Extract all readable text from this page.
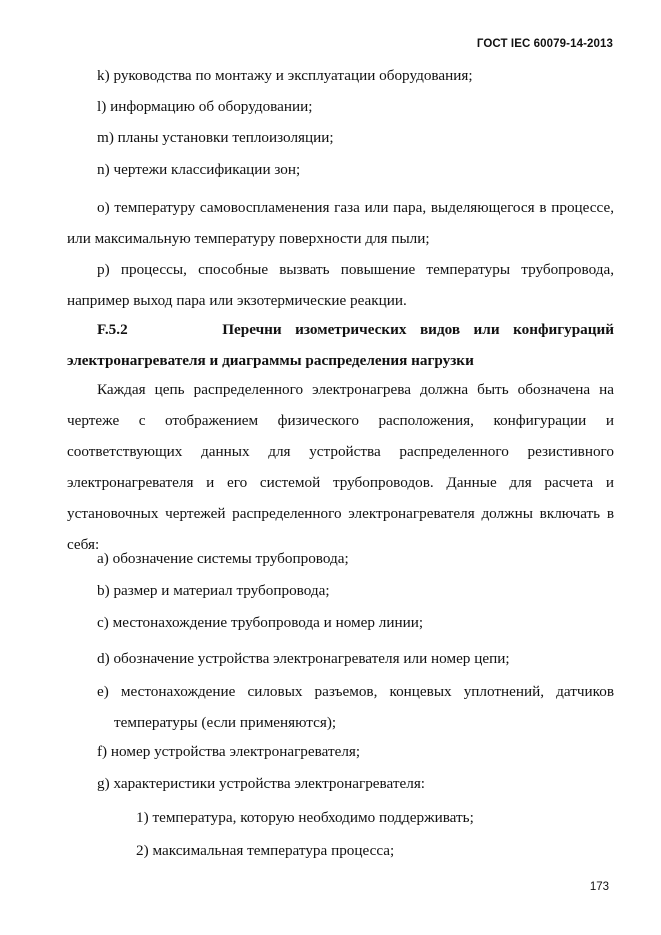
ГОСТ IEC 60079-14-2013

k) руководства по монтажу и эксплуатации оборудования;

l) информацию об оборудовании;

m) планы установки теплоизоляции;

n) чертежи классификации зон;

o) температуру самовоспламенения газа или пара, выделяющегося в процессе, или максимальную температуру поверхности для пыли;

p) процессы, способные вызвать повышение температуры трубопровода, например выход пара или экзотермические реакции.

F.5.2	Перечни изометрических видов или конфигураций
электронагревателя и диаграммы распределения нагрузки

Каждая цепь распределенного электронагрева должна быть обозначена на чертеже с отображением физического расположения, конфигурации и соответствующих данных для устройства распределенного резистивного электронагревателя и его системой трубопроводов. Данные для расчета и установочных чертежей распределенного электронагревателя должны включать в себя:

a) обозначение системы трубопровода;

b) размер и материал трубопровода;

c) местонахождение трубопровода и номер линии;

d) обозначение устройства электронагревателя или номер цепи;

e) местонахождение силовых разъемов, концевых уплотнений, датчиков температуры (если применяются);

f) номер устройства электронагревателя;

g) характеристики устройства электронагревателя:

1) температура, которую необходимо поддерживать;

2) максимальная температура процесса;

173
